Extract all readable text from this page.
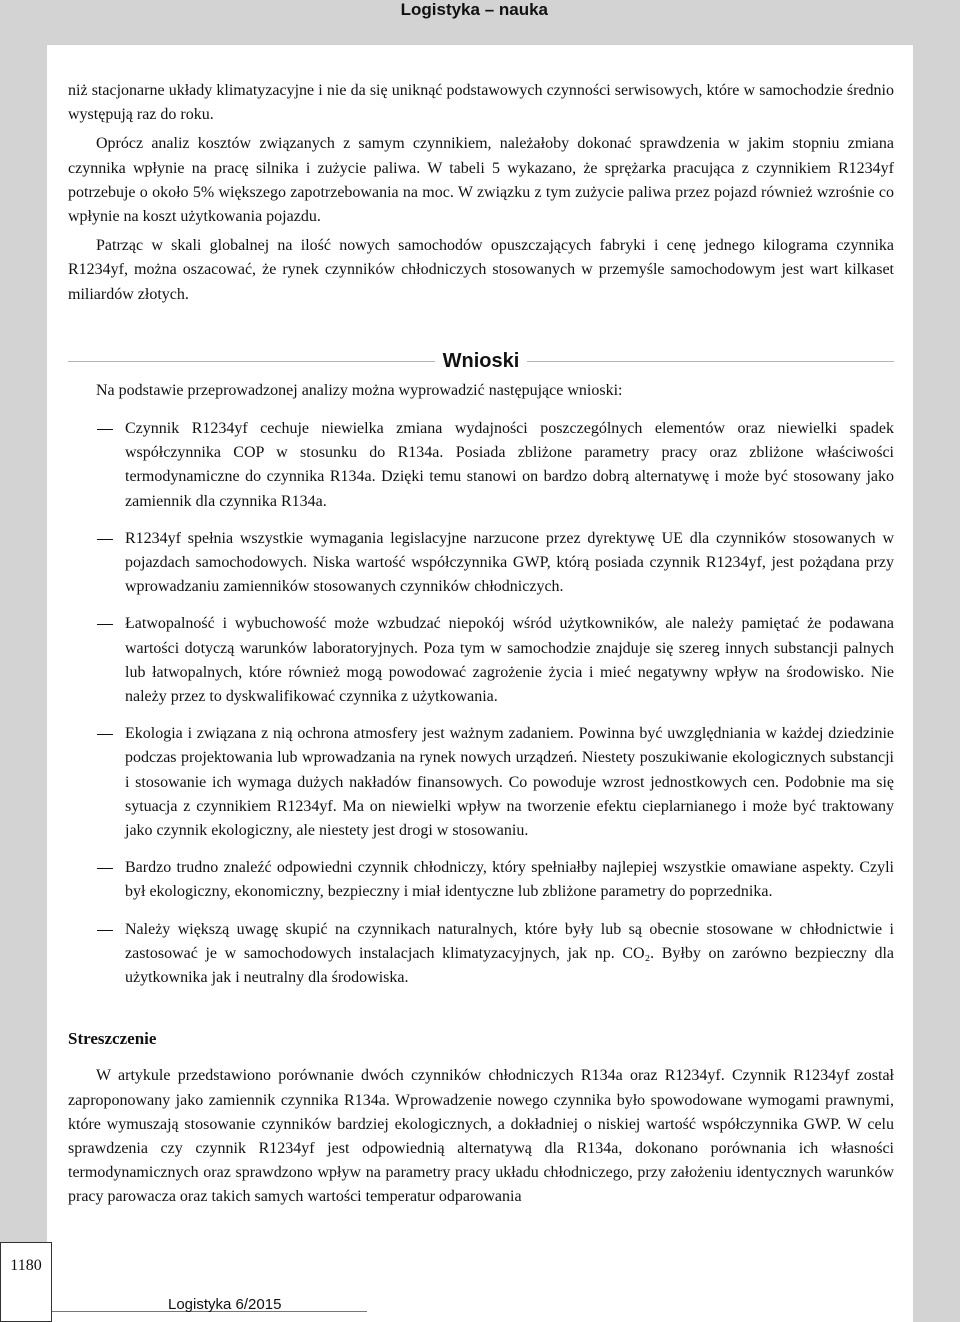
Logistyka – nauka

niż stacjonarne układy klimatyzacyjne i nie da się uniknąć podstawowych czynności serwisowych, które w samochodzie średnio występują raz do roku.

Oprócz analiz kosztów związanych z samym czynnikiem, należałoby dokonać sprawdzenia w jakim stopniu zmiana czynnika wpłynie na pracę silnika i zużycie paliwa. W tabeli 5 wykazano, że sprężarka pracująca z czynnikiem R1234yf potrzebuje o około 5% większego zapotrzebowania na moc. W związku z tym zużycie paliwa przez pojazd również wzrośnie co wpłynie na koszt użytkowania pojazdu.

Patrząc w skali globalnej na ilość nowych samochodów opuszczających fabryki i cenę jednego kilograma czynnika R1234yf, można oszacować, że rynek czynników chłodniczych stosowanych w przemyśle samochodowym jest wart kilkaset miliardów złotych.

Wnioski

Na podstawie przeprowadzonej analizy można wyprowadzić następujące wnioski:

Czynnik R1234yf cechuje niewielka zmiana wydajności poszczególnych elementów oraz niewielki spadek współczynnika COP w stosunku do R134a. Posiada zbliżone parametry pracy oraz zbliżone właściwości termodynamiczne do czynnika R134a. Dzięki temu stanowi on bardzo dobrą alternatywę i może być stosowany jako zamiennik dla czynnika R134a.
R1234yf spełnia wszystkie wymagania legislacyjne narzucone przez dyrektywę UE dla czynników stosowanych w pojazdach samochodowych. Niska wartość współczynnika GWP, którą posiada czynnik R1234yf, jest pożądana przy wprowadzaniu zamienników stosowanych czynników chłodniczych.
Łatwopalność i wybuchowość może wzbudzać niepokój wśród użytkowników, ale należy pamiętać że podawana wartości dotyczą warunków laboratoryjnych. Poza tym w samochodzie znajduje się szereg innych substancji palnych lub łatwopalnych, które również mogą powodować zagrożenie życia i mieć negatywny wpływ na środowisko. Nie należy przez to dyskwalifikować czynnika z użytkowania.
Ekologia i związana z nią ochrona atmosfery jest ważnym zadaniem. Powinna być uwzględniania w każdej dziedzinie podczas projektowania lub wprowadzania na rynek nowych urządzeń. Niestety poszukiwanie ekologicznych substancji i stosowanie ich wymaga dużych nakładów finansowych. Co powoduje wzrost jednostkowych cen. Podobnie ma się sytuacja z czynnikiem R1234yf. Ma on niewielki wpływ na tworzenie efektu cieplarnianego i może być traktowany jako czynnik ekologiczny, ale niestety jest drogi w stosowaniu.
Bardzo trudno znaleźć odpowiedni czynnik chłodniczy, który spełniałby najlepiej wszystkie omawiane aspekty. Czyli był ekologiczny, ekonomiczny, bezpieczny i miał identyczne lub zbliżone parametry do poprzednika.
Należy większą uwagę skupić na czynnikach naturalnych, które były lub są obecnie stosowane w chłodnictwie i zastosować je w samochodowych instalacjach klimatyzacyjnych, jak np. CO₂. Byłby on zarówno bezpieczny dla użytkownika jak i neutralny dla środowiska.
Streszczenie

W artykule przedstawiono porównanie dwóch czynników chłodniczych R134a oraz R1234yf. Czynnik R1234yf został zaproponowany jako zamiennik czynnika R134a. Wprowadzenie nowego czynnika było spowodowane wymogami prawnymi, które wymuszają stosowanie czynników bardziej ekologicznych, a dokładniej o niskiej wartość współczynnika GWP. W celu sprawdzenia czy czynnik R1234yf jest odpowiednią alternatywą dla R134a, dokonano porównania ich własności termodynamicznych oraz sprawdzono wpływ na parametry pracy układu chłodniczego, przy założeniu identycznych warunków pracy parowacza oraz takich samych wartości temperatur odparowania

1180
Logistyka 6/2015
